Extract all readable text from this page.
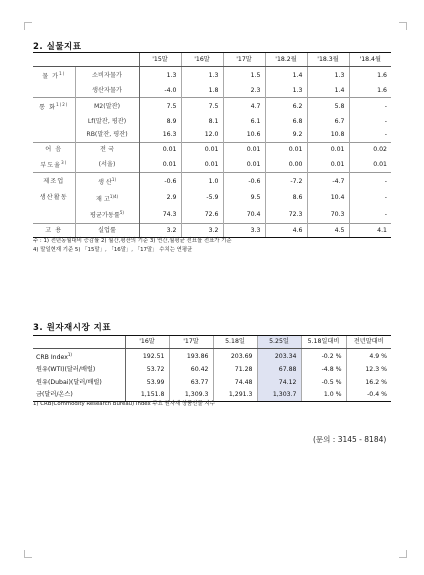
2. 실물지표
		'15말	'16말	'17말	'18.2월	'18.3월	'18.4월
물 가$^{1)}$	소비자물가	1.3	1.3	1.5	1.4	1.3	1.6
	생산자물가	-4.0	1.8	2.3	1.3	1.4	1.6
통 화$^{1)2)}$	M2(말잔)	7.5	7.5	4.7	6.2	5.8	-
	Lf(말잔, 평잔)	8.9	8.1	6.1	6.8	6.7	-
	RB(말잔, 평잔)	16.3	12.0	10.6	9.2	10.8	-
어 음	전 국	0.01	0.01	0.01	0.01	0.01	0.02
부도율$^{3)}$	(서울)	0.01	0.01	0.01	0.00	0.01	0.01
제조업	생 산$^{1)}$	-0.6	1.0	-0.6	-7.2	-4.7	-
생산활동	재 고$^{1)4)}$	2.9	-5.9	9.5	8.6	10.4	-
	평균가동률$^{5)}$	74.3	72.6	70.4	72.3	70.3	-
고 용	실업률	3.2	3.2	3.3	4.6	4.5	4.1
3. 원자재시장 지표
	'16말	'17말	5.18일	5.25일	5.18일대비	전년말대비
CRB Index$^{1)}$	192.51	193.86	203.69	203.34	-0.2 %	4.9 %
원유(WTI)(달러/배럴)	53.72	60.42	71.28	67.88	-4.8 %	12.3 %
원유(Dubai)(달러/배럴)	53.99	63.77	74.48	74.12	-0.5 %	16.2 %
금(달러/온스)	1,151.8	1,309.3	1,291.3	1,303.7	1.0 %	-0.4 %
주 : 1) 전년동월대비 증감률 2) 월간,평잔의 기준 3) 연간,월평균 전표를 전표가 기준
4) 말일현재 기준 5) 「15말」, 「16말」, 「17말」 수치는 연평균
1) CRB(Commodity Research Bureau) Index 주요 원자재 상품선물 지수
(문의 : 3145 - 8184)
